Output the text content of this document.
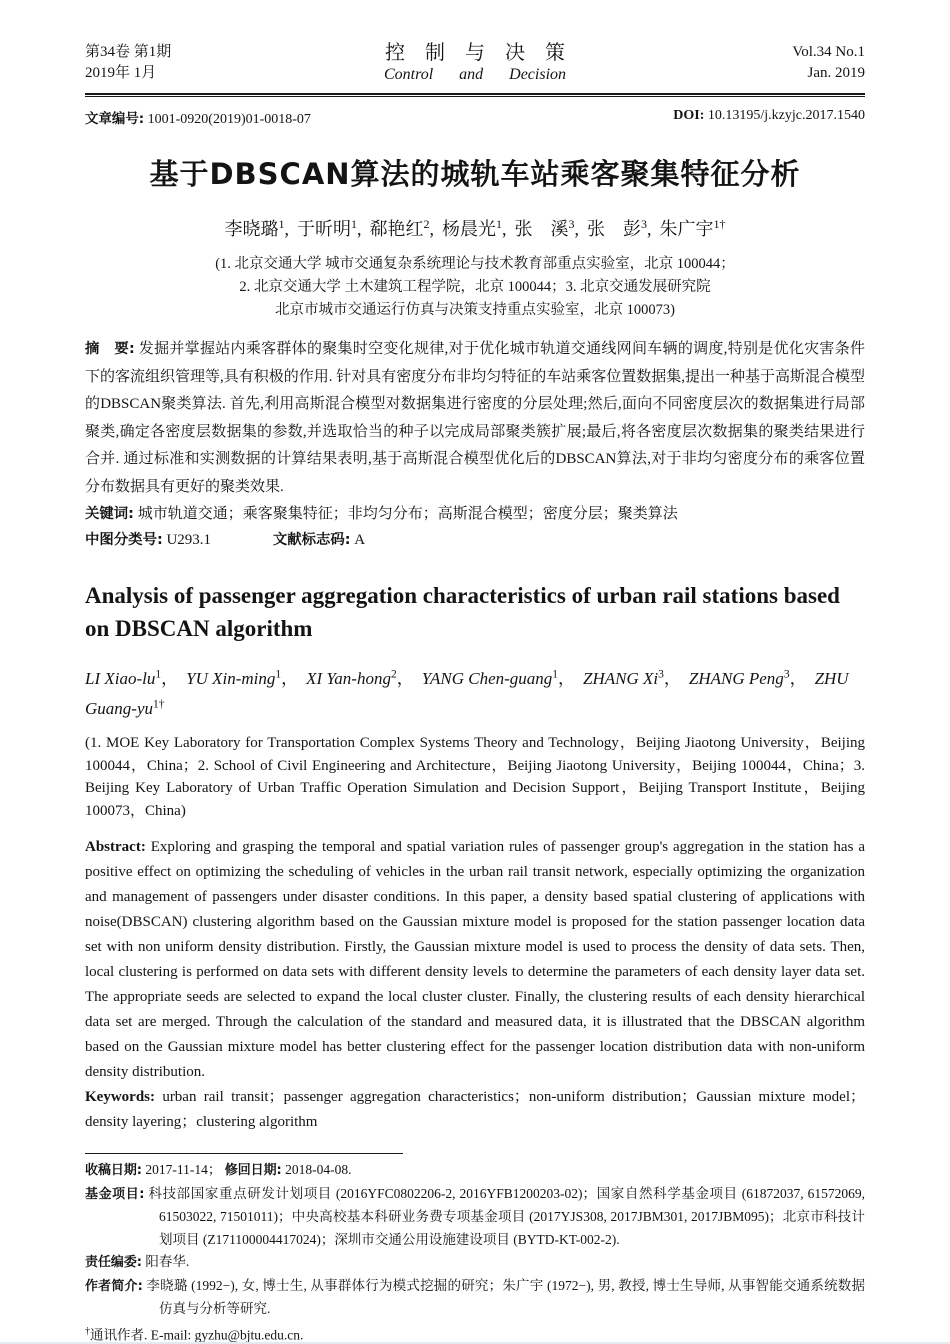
第34卷 第1期
2019年 1月
控制与决策
Control and Decision
Vol.34 No.1
Jan. 2019
文章编号: 1001-0920(2019)01-0018-07	DOI: 10.13195/j.kzyjc.2017.1540
基于DBSCAN算法的城轨车站乘客聚集特征分析
李晓璐$^1$, 于昕明$^1$, 郗艳红$^2$, 杨晨光$^1$, 张　溪$^3$, 张　彭$^3$, 朱广宇$^{1\dagger}$
(1. 北京交通大学 城市交通复杂系统理论与技术教育部重点实验室，北京 100044；
2. 北京交通大学 土木建筑工程学院，北京 100044；3. 北京交通发展研究院
北京市城市交通运行仿真与决策支持重点实验室，北京 100073)

摘　要: 发掘并掌握站内乘客群体的聚集时空变化规律,对于优化城市轨道交通线网间车辆的调度,特别是优化灾害条件下的客流组织管理等,具有积极的作用. 针对具有密度分布非均匀特征的车站乘客位置数据集,提出一种基于高斯混合模型的DBSCAN聚类算法. 首先,利用高斯混合模型对数据集进行密度的分层处理;然后,面向不同密度层次的数据集进行局部聚类,确定各密度层数据集的参数,并选取恰当的种子以完成局部聚类簇扩展;最后,将各密度层次数据集的聚类结果进行合并. 通过标准和实测数据的计算结果表明,基于高斯混合模型优化后的DBSCAN算法,对于非均匀密度分布的乘客位置分布数据具有更好的聚类效果.

关键词: 城市轨道交通；乘客聚集特征；非均匀分布；高斯混合模型；密度分层；聚类算法

中图分类号: U293.1	文献标志码: A

Analysis of passenger aggregation characteristics of urban rail stations based on DBSCAN algorithm
LI Xiao-$lu^1$， YU Xin-ming$^1$， XI Yan-hong$^2$， YANG Chen-guang$^1$， ZHANG Xi$^3$， ZHANG Peng$^3$， ZHU Guang-$yu^{1\dagger}$

(1. MOE Key Laboratory for Transportation Complex Systems Theory and Technology，Beijing Jiaotong University，Beijing 100044，China；2. School of Civil Engineering and Architecture，Beijing Jiaotong University，Beijing 100044，China；3. Beijing Key Laboratory of Urban Traffic Operation Simulation and Decision Support，Beijing Transport Institute，Beijing 100073，China)

Abstract: Exploring and grasping the temporal and spatial variation rules of passenger group's aggregation in the station has a positive effect on optimizing the scheduling of vehicles in the urban rail transit network, especially optimizing the organization and management of passengers under disaster conditions. In this paper, a density based spatial clustering of applications with noise(DBSCAN) clustering algorithm based on the Gaussian mixture model is proposed for the station passenger location data set with non uniform density distribution. Firstly, the Gaussian mixture model is used to process the density of data sets. Then, local clustering is performed on data sets with different density levels to determine the parameters of each density layer data set. The appropriate seeds are selected to expand the local cluster cluster. Finally, the clustering results of each density hierarchical data set are merged. Through the calculation of the standard and measured data, it is illustrated that the DBSCAN algorithm based on the Gaussian mixture model has better clustering effect for the passenger location distribution data with non-uniform density distribution.

Keywords: urban rail transit；passenger aggregation characteristics；non-uniform distribution；Gaussian mixture model；density layering；clustering algorithm

收稿日期: 2017-11-14； 修回日期: 2018-04-08.

基金项目: 科技部国家重点研发计划项目 (2016YFC0802206-2, 2016YFB1200203-02)；国家自然科学基金项目 (61872037, 61572069, 61503022, 71501011)；中央高校基本科研业务费专项基金项目 (2017YJS308, 2017JBM301, 2017JBM095)；北京市科技计划项目 (Z171100004417024)；深圳市交通公用设施建设项目 (BYTD-KT-002-2).

责任编委: 阳春华.

作者简介: 李晓璐 (1992−), 女, 博士生, 从事群体行为模式挖掘的研究；朱广宇 (1972−), 男, 教授, 博士生导师, 从事智能交通系统数据仿真与分析等研究.

†通讯作者. E-mail: gyzhu@bjtu.edu.cn.
